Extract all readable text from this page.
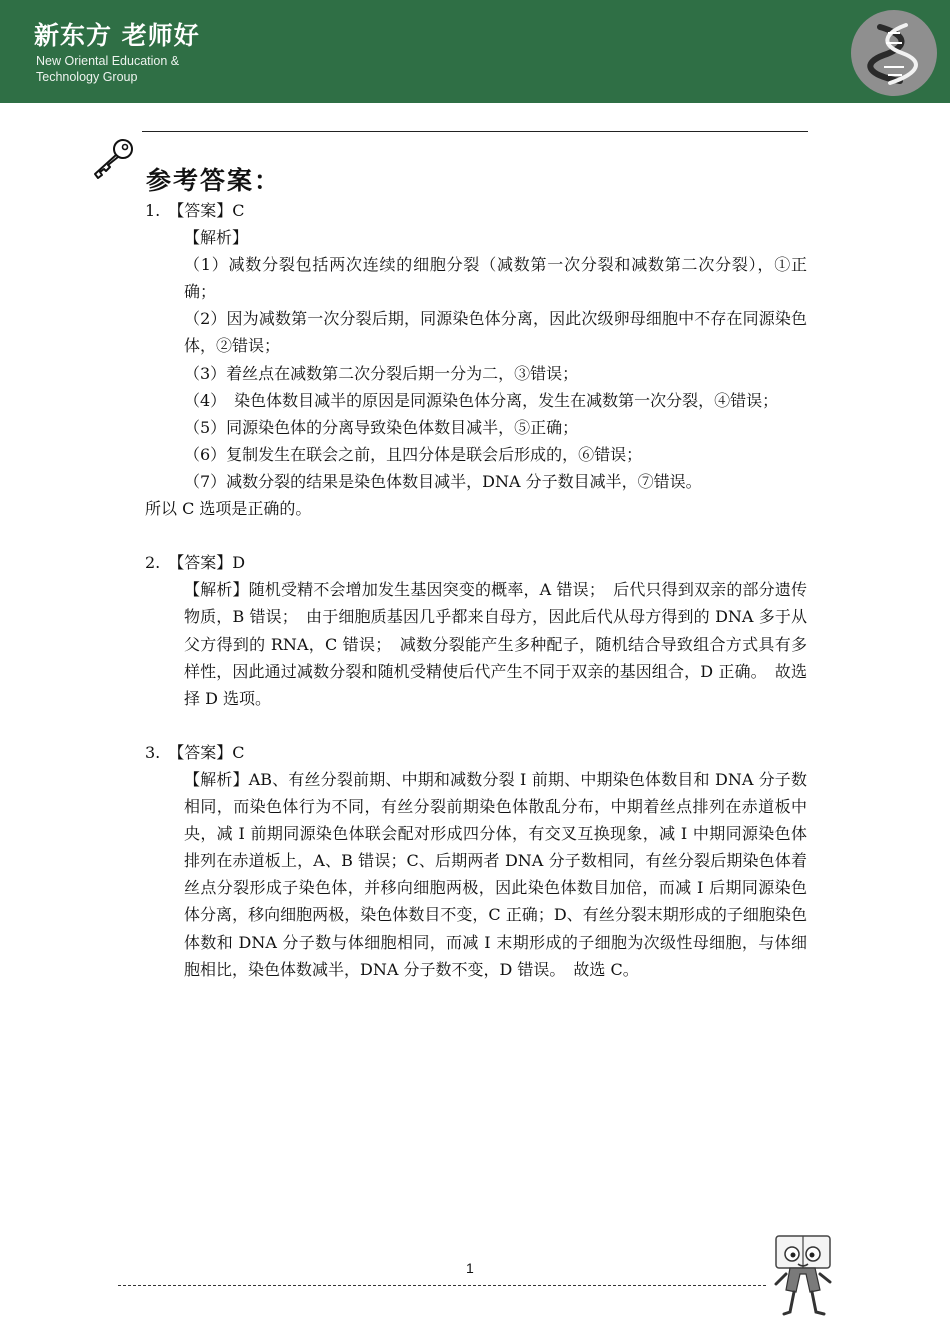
新东方 老师好
New Oriental Education &
Technology Group
参考答案：

1.　【答案】C

【解析】

（1）减数分裂包括两次连续的细胞分裂（减数第一次分裂和减数第二次分裂），①正确；

（2）因为减数第一次分裂后期，同源染色体分离，因此次级卵母细胞中不存在同源染色体，②错误；

（3）着丝点在减数第二次分裂后期一分为二，③错误；

（4）　染色体数目减半的原因是同源染色体分离，发生在减数第一次分裂，④错误；

（5）同源染色体的分离导致染色体数目减半，⑤正确；

（6）复制发生在联会之前，且四分体是联会后形成的，⑥错误；

（7）减数分裂的结果是染色体数目减半，DNA 分子数目减半，⑦错误。

所以 C 选项是正确的。

2.　【答案】D

【解析】随机受精不会增加发生基因突变的概率，A 错误；　后代只得到双亲的部分遗传物质，B 错误；　由于细胞质基因几乎都来自母方，因此后代从母方得到的 DNA 多于从父方得到的 RNA，C 错误；　减数分裂能产生多种配子，随机结合导致组合方式具有多样性，因此通过减数分裂和随机受精使后代产生不同于双亲的基因组合，D 正确。　故选择 D 选项。

3.　【答案】C

【解析】AB、有丝分裂前期、中期和减数分裂 Ⅰ 前期、中期染色体数目和 DNA 分子数相同，而染色体行为不同，有丝分裂前期染色体散乱分布，中期着丝点排列在赤道板中央，减 Ⅰ 前期同源染色体联会配对形成四分体，有交叉互换现象，减 Ⅰ 中期同源染色体排列在赤道板上，A、B 错误；C、后期两者 DNA 分子数相同，有丝分裂后期染色体着丝点分裂形成子染色体，并移向细胞两极，因此染色体数目加倍，而减 Ⅰ 后期同源染色体分离，移向细胞两极，染色体数目不变，C 正确；D、有丝分裂末期形成的子细胞染色体数和 DNA 分子数与体细胞相同，而减 Ⅰ 末期形成的子细胞为次级性母细胞，与体细胞相比，染色体数减半，DNA 分子数不变，D 错误。　故选 C。

1
